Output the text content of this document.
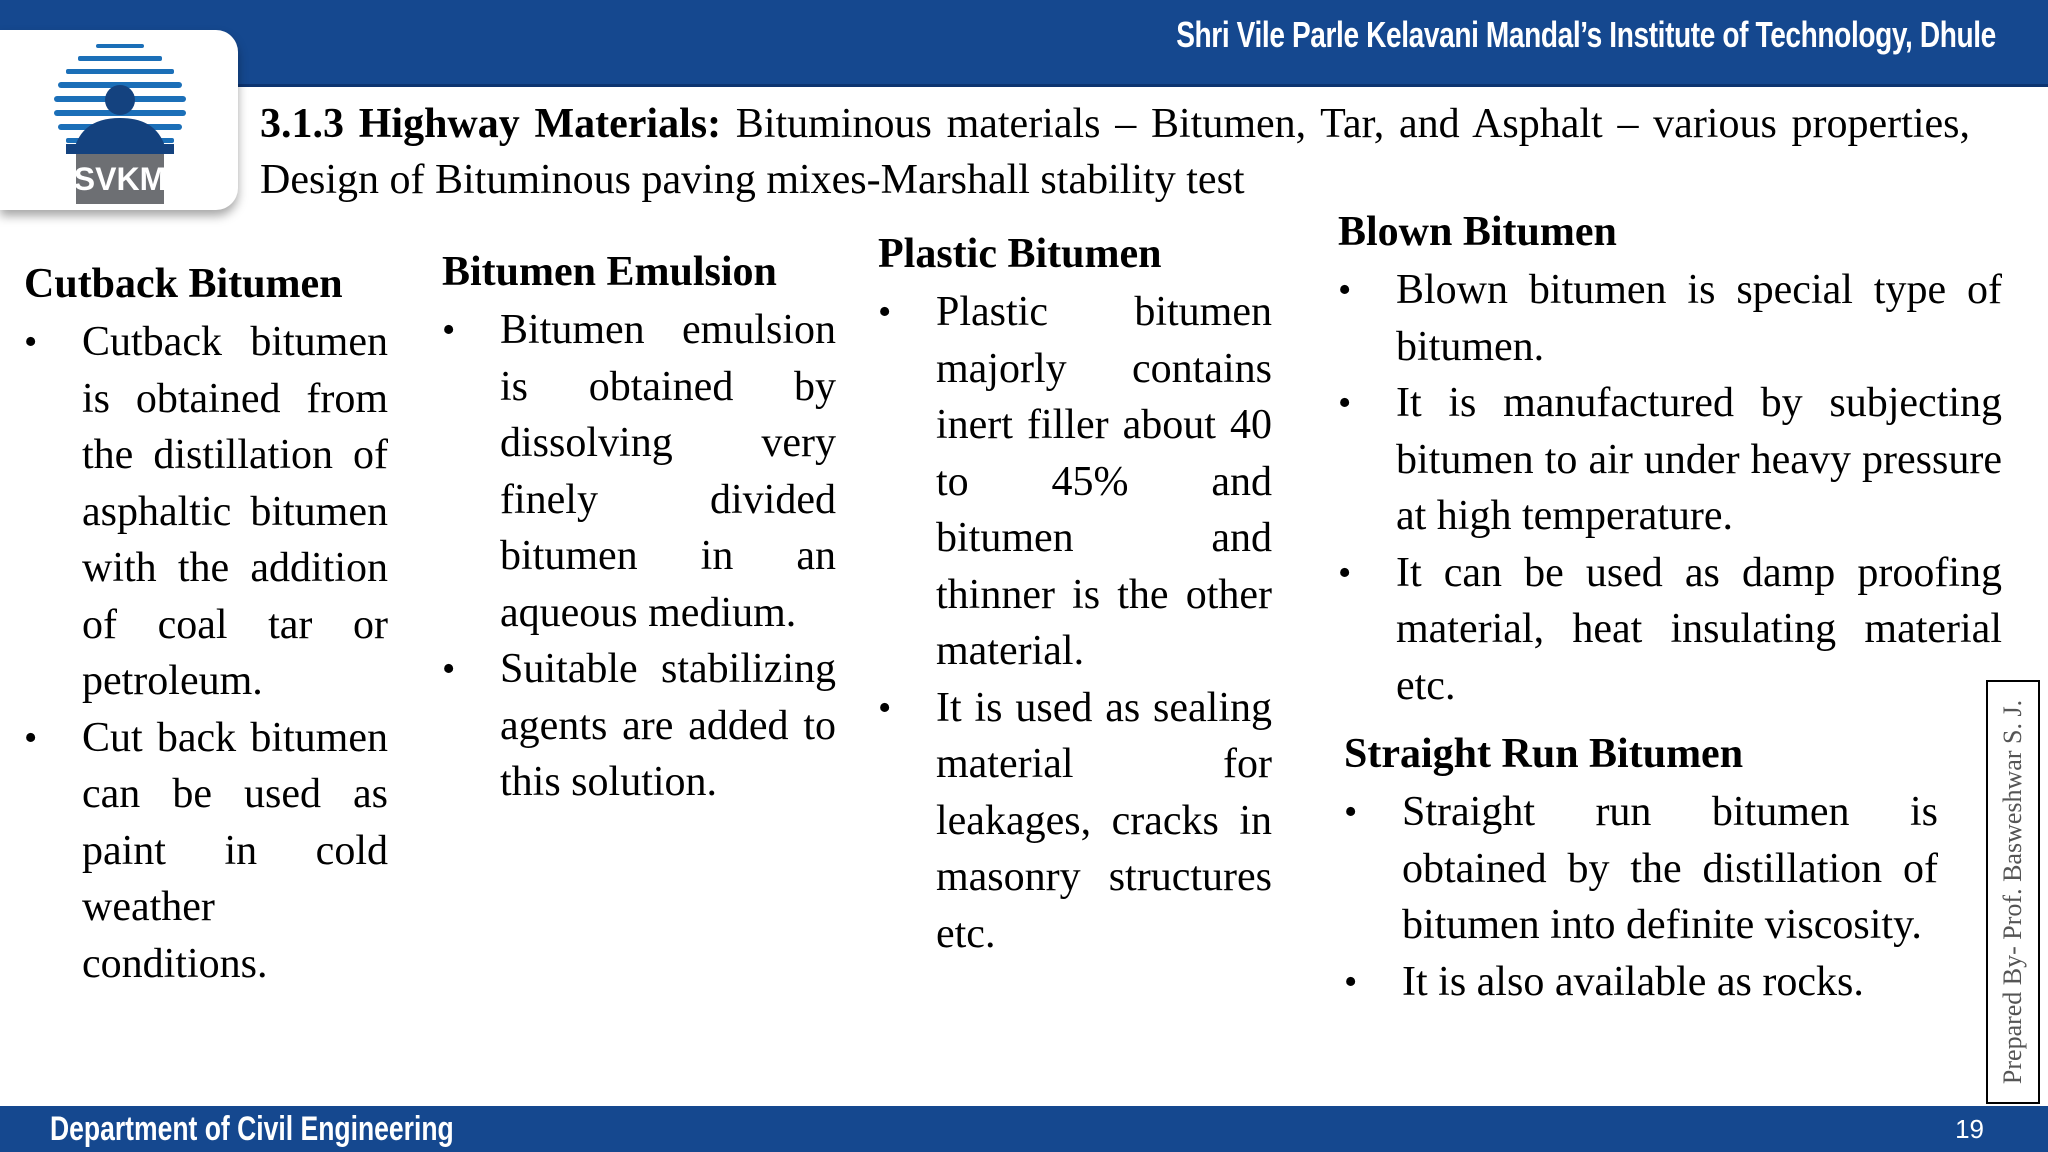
Shri Vile Parle Kelavani Mandal’s Institute of Technology, Dhule
SVKM
3.1.3 Highway Materials: Bituminous materials – Bitumen, Tar, and Asphalt – various properties, Design of Bituminous paving mixes-Marshall stability test
Cutback Bitumen
• Cutback bitumen is obtained from the distillation of asphaltic bitumen with the addition of coal tar or petroleum.
• Cut back bitumen can be used as paint in cold weather conditions.
Bitumen Emulsion
• Bitumen emulsion is obtained by dissolving very finely divided bitumen in an aqueous medium.
• Suitable stabilizing agents are added to this solution.
Plastic Bitumen
• Plastic bitumen majorly contains inert filler about 40 to 45% and bitumen and thinner is the other material.
• It is used as sealing material for leakages, cracks in masonry structures etc.
Blown Bitumen
• Blown bitumen is special type of bitumen.
• It is manufactured by subjecting bitumen to air under heavy pressure at high temperature.
• It can be used as damp proofing material, heat insulating material etc.
Straight Run Bitumen
• Straight run bitumen is obtained by the distillation of bitumen into definite viscosity.
• It is also available as rocks.	Prepared By- Prof. Basweshwar S. J.
Department of Civil Engineering	19
